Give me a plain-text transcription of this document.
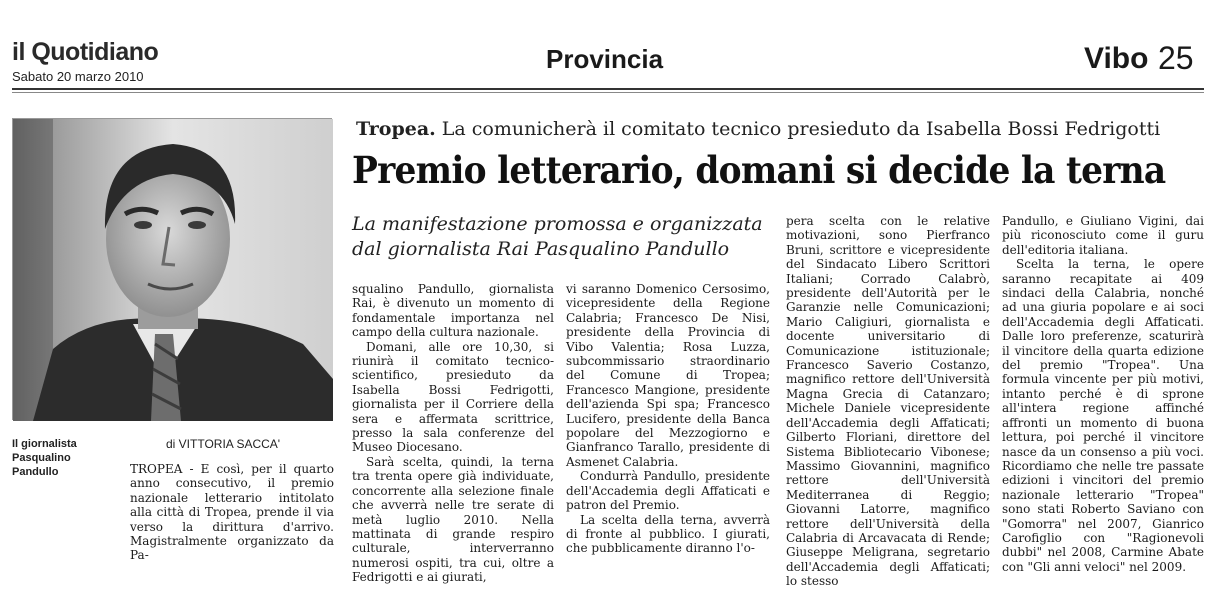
il Quotidiano
Sabato 20 marzo 2010
Provincia	Vibo 25
Il giornalista Pasqualino Pandullo
di VITTORIA SACCA'
Tropea. La comunicherà il comitato tecnico presieduto da Isabella Bossi Fedrigotti
Premio letterario, domani si decide la terna
La manifestazione promossa e organizzata dal giornalista Rai Pasqualino Pandullo

TROPEA - E così, per il quarto anno consecutivo, il premio nazionale letterario intitolato alla città di Tropea, prende il via verso la dirittura d'arrivo. Magistralmente organizzato da Pa-

squalino Pandullo, giornalista Rai, è divenuto un momento di fondamentale importanza nel campo della cultura nazionale.

Domani, alle ore 10,30, si riunirà il comitato tecnico-scientifico, presieduto da Isabella Bossi Fedrigotti, giornalista per il Corriere della sera e affermata scrittrice, presso la sala conferenze del Museo Diocesano.

Sarà scelta, quindi, la terna tra trenta opere già individuate, concorrente alla selezione finale che avverrà nelle tre serate di metà luglio 2010. Nella mattinata di grande respiro culturale, interverranno numerosi ospiti, tra cui, oltre a Fedrigotti e ai giurati,

vi saranno Domenico Cersosimo, vicepresidente della Regione Calabria; Francesco De Nisi, presidente della Provincia di Vibo Valentia; Rosa Luzza, subcommissario straordinario del Comune di Tropea; Francesco Mangione, presidente dell'azienda Spi spa; Francesco Lucifero, presidente della Banca popolare del Mezzogiorno e Gianfranco Tarallo, presidente di Asmenet Calabria.

Condurrà Pandullo, presidente dell'Accademia degli Affaticati e patron del Premio.

La scelta della terna, avverrà di fronte al pubblico. I giurati, che pubblicamente diranno l'o-

pera scelta con le relative motivazioni, sono Pierfranco Bruni, scrittore e vicepresidente del Sindacato Libero Scrittori Italiani; Corrado Calabrò, presidente dell'Autorità per le Garanzie nelle Comunicazioni; Mario Caligiuri, giornalista e docente universitario di Comunicazione istituzionale; Francesco Saverio Costanzo, magnifico rettore dell'Università Magna Grecia di Catanzaro; Michele Daniele vicepresidente dell'Accademia degli Affaticati; Gilberto Floriani, direttore del Sistema Bibliotecario Vibonese; Massimo Giovannini, magnifico rettore dell'Università Mediterranea di Reggio; Giovanni Latorre, magnifico rettore dell'Università della Calabria di Arcavacata di Rende; Giuseppe Meligrana, segretario dell'Accademia degli Affaticati; lo stesso

Pandullo, e Giuliano Vigini, dai più riconosciuto come il guru dell'editoria italiana.

Scelta la terna, le opere saranno recapitate ai 409 sindaci della Calabria, nonché ad una giuria popolare e ai soci dell'Accademia degli Affaticati. Dalle loro preferenze, scaturirà il vincitore della quarta edizione del premio "Tropea". Una formula vincente per più motivi, intanto perché è di sprone all'intera regione affinché affronti un momento di buona lettura, poi perché il vincitore nasce da un consenso a più voci. Ricordiamo che nelle tre passate edizioni i vincitori del premio nazionale letterario "Tropea" sono stati Roberto Saviano con "Gomorra" nel 2007, Gianrico Carofiglio con "Ragionevoli dubbi" nel 2008, Carmine Abate con "Gli anni veloci" nel 2009.
